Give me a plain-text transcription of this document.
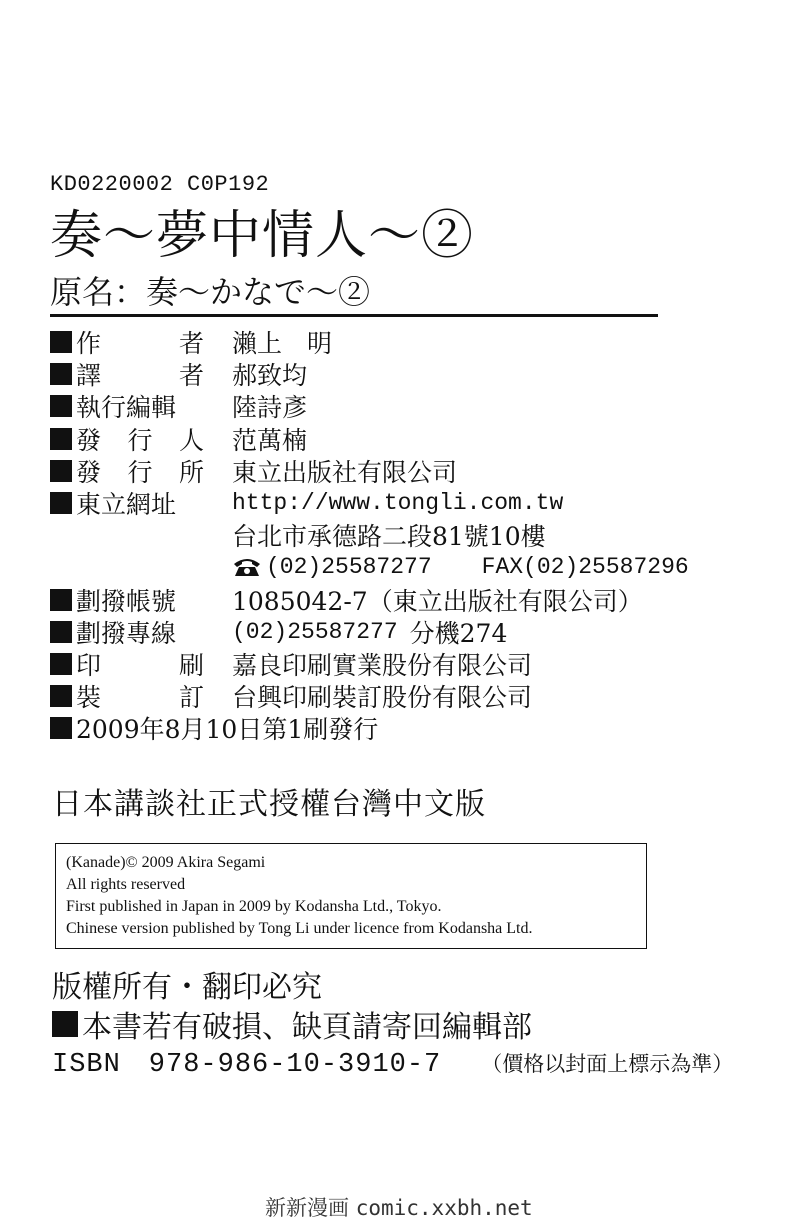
KD0220002 C0P192
奏～夢中情人～②
原名：奏～かなで～②
作	者 瀨上　明
譯	者 郝致均
執行編輯	陸詩彥
發 行 人 范萬楠
發 行 所 東立出版社有限公司
東立網址	http://www.tongli.com.tw
台北市承德路二段81號10樓
(02)25587277 FAX(02)25587296
劃撥帳號	1085042-7（東立出版社有限公司）
劃撥專線	(02)25587277 分機274
印	刷 嘉良印刷實業股份有限公司
裝	訂 台興印刷裝訂股份有限公司
2009年8月10日第1刷發行
日本講談社正式授權台灣中文版
(Kanade)© 2009 Akira Segami
All rights reserved
First published in Japan in 2009 by Kodansha Ltd., Tokyo.
Chinese version published by Tong Li under licence from Kodansha Ltd.
版權所有・翻印必究
本書若有破損、缺頁請寄回編輯部
ISBN　978-986-10-3910-7 （價格以封面上標示為準）
新新漫画 comic.xxbh.net
